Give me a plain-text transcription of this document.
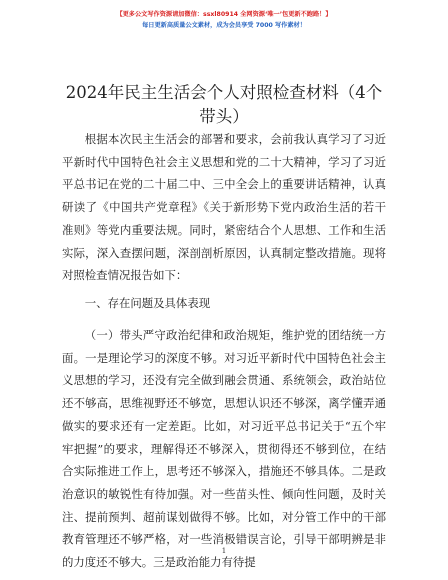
【更多公文写作资源请加微信：ssxl80914 全网资源‘唯一’包更新不跑路！】
每日更新高质量公文素材，成为会员享受 7000 写作素材！
2024年民主生活会个人对照检查材料（4个带头）
根据本次民主生活会的部署和要求，会前我认真学习了习近平新时代中国特色社会主义思想和党的二十大精神，学习了习近平总书记在党的二十届二中、三中全会上的重要讲话精神，认真研读了《中国共产党章程》《关于新形势下党内政治生活的若干准则》等党内重要法规。同时，紧密结合个人思想、工作和生活实际，深入查摆问题，深剖剖析原因，认真制定整改措施。现将对照检查情况报告如下：
一、存在问题及具体表现
（一）带头严守政治纪律和政治规矩，维护党的团结统一方面。一是理论学习的深度不够。对习近平新时代中国特色社会主义思想的学习，还没有完全做到融会贯通、系统领会，政治站位还不够高，思维视野还不够宽，思想认识还不够深，离学懂弄通做实的要求还有一定差距。比如，对习近平总书记关于“五个牢牢把握”的要求，理解得还不够深入，贯彻得还不够到位，在结合实际推进工作上，思考还不够深入，措施还不够具体。二是政治意识的敏锐性有待加强。对一些苗头性、倾向性问题，及时关注、提前预判、超前谋划做得不够。比如，对分管工作中的干部教育管理还不够严格，对一些消极错误言论，引导干部明辨是非的力度还不够大。三是政治能力有待提
1
